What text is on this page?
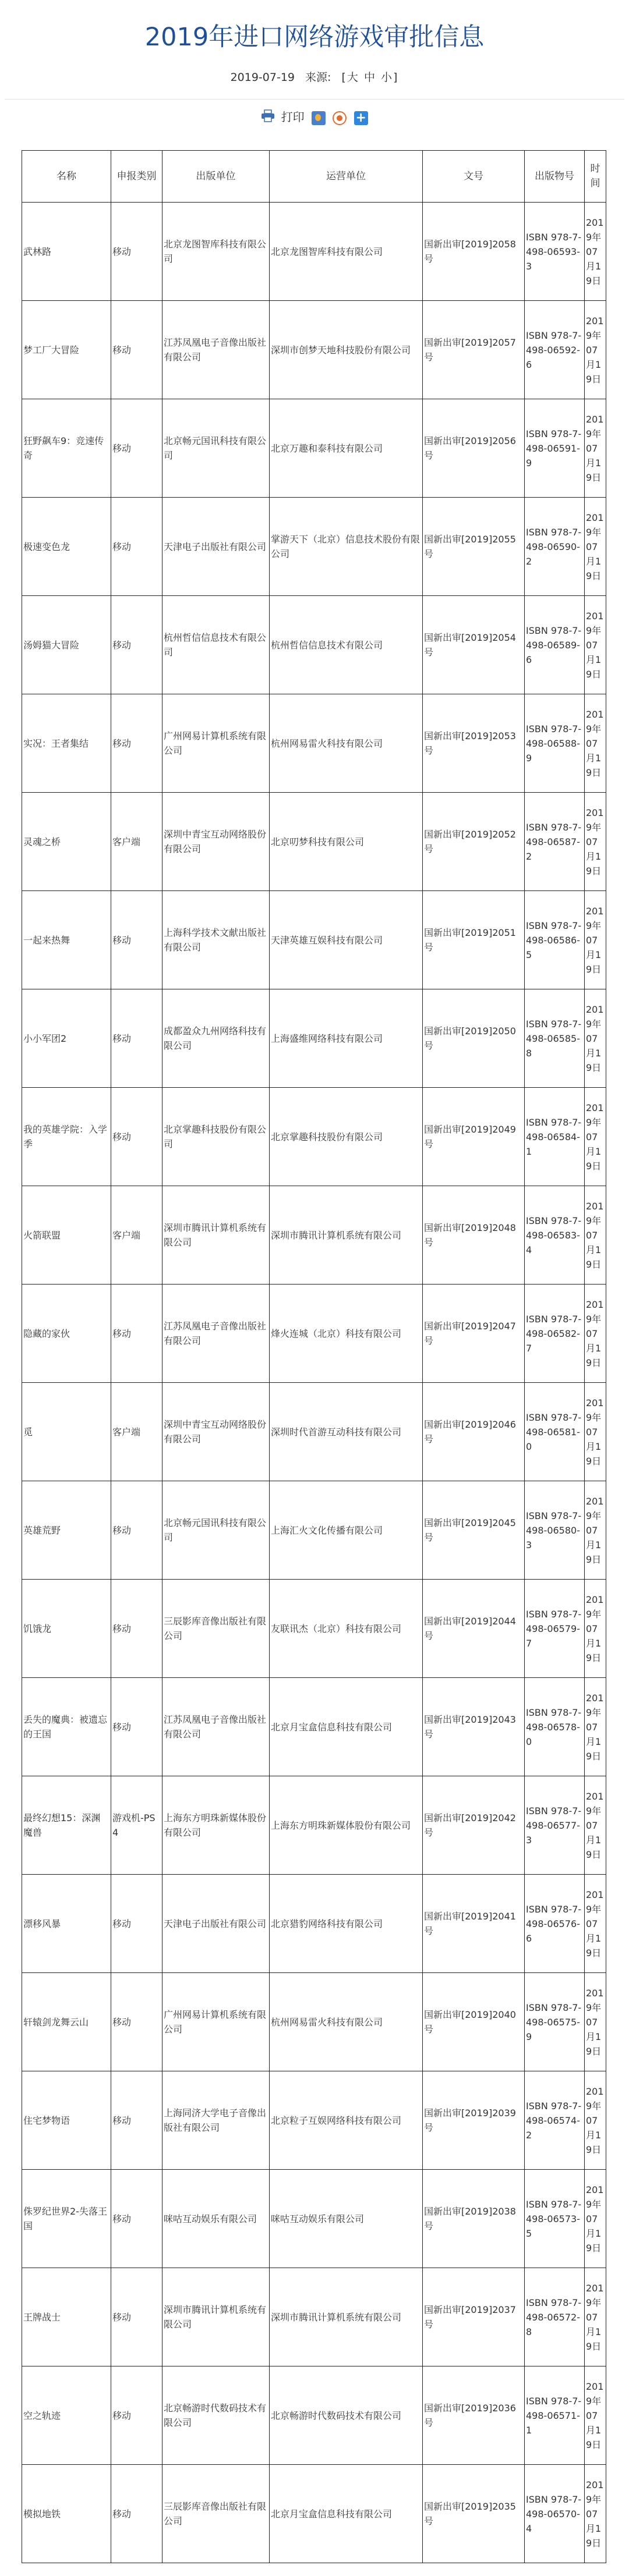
2019年进口网络游戏审批信息
2019-07-19 来源: [大 中 小]
打印	+
名称	申报类别	出版单位	运营单位	文号	出版物号	时间
武林路	移动	北京龙图智库科技有限公司	北京龙图智库科技有限公司	国新出审[2019]2058号	ISBN 978-7-498-06593-3	2019年07月19日
梦工厂大冒险	移动	江苏凤凰电子音像出版社有限公司	深圳市创梦天地科技股份有限公司	国新出审[2019]2057号	ISBN 978-7-498-06592-6	2019年07月19日
狂野飙车9：竞速传奇	移动	北京畅元国讯科技有限公司	北京万趣和泰科技有限公司	国新出审[2019]2056号	ISBN 978-7-498-06591-9	2019年07月19日
极速变色龙	移动	天津电子出版社有限公司	掌游天下（北京）信息技术股份有限公司	国新出审[2019]2055号	ISBN 978-7-498-06590-2	2019年07月19日
汤姆猫大冒险	移动	杭州哲信信息技术有限公司	杭州哲信信息技术有限公司	国新出审[2019]2054号	ISBN 978-7-498-06589-6	2019年07月19日
实况：王者集结	移动	广州网易计算机系统有限公司	杭州网易雷火科技有限公司	国新出审[2019]2053号	ISBN 978-7-498-06588-9	2019年07月19日
灵魂之桥	客户端	深圳中青宝互动网络股份有限公司	北京叨梦科技有限公司	国新出审[2019]2052号	ISBN 978-7-498-06587-2	2019年07月19日
一起来热舞	移动	上海科学技术文献出版社有限公司	天津英雄互娱科技有限公司	国新出审[2019]2051号	ISBN 978-7-498-06586-5	2019年07月19日
小小军团2	移动	成都盈众九州网络科技有限公司	上海盛维网络科技有限公司	国新出审[2019]2050号	ISBN 978-7-498-06585-8	2019年07月19日
我的英雄学院：入学季	移动	北京掌趣科技股份有限公司	北京掌趣科技股份有限公司	国新出审[2019]2049号	ISBN 978-7-498-06584-1	2019年07月19日
火箭联盟	客户端	深圳市腾讯计算机系统有限公司	深圳市腾讯计算机系统有限公司	国新出审[2019]2048号	ISBN 978-7-498-06583-4	2019年07月19日
隐藏的家伙	移动	江苏凤凰电子音像出版社有限公司	烽火连城（北京）科技有限公司	国新出审[2019]2047号	ISBN 978-7-498-06582-7	2019年07月19日
觅	客户端	深圳中青宝互动网络股份有限公司	深圳时代首游互动科技有限公司	国新出审[2019]2046号	ISBN 978-7-498-06581-0	2019年07月19日
英雄荒野	移动	北京畅元国讯科技有限公司	上海汇火文化传播有限公司	国新出审[2019]2045号	ISBN 978-7-498-06580-3	2019年07月19日
饥饿龙	移动	三辰影库音像出版社有限公司	友联讯杰（北京）科技有限公司	国新出审[2019]2044号	ISBN 978-7-498-06579-7	2019年07月19日
丢失的魔典：被遗忘的王国	移动	江苏凤凰电子音像出版社有限公司	北京月宝盒信息科技有限公司	国新出审[2019]2043号	ISBN 978-7-498-06578-0	2019年07月19日
最终幻想15：深渊魔兽	游戏机-PS4	上海东方明珠新媒体股份有限公司	上海东方明珠新媒体股份有限公司	国新出审[2019]2042号	ISBN 978-7-498-06577-3	2019年07月19日
漂移风暴	移动	天津电子出版社有限公司	北京猎豹网络科技有限公司	国新出审[2019]2041号	ISBN 978-7-498-06576-6	2019年07月19日
轩辕剑龙舞云山	移动	广州网易计算机系统有限公司	杭州网易雷火科技有限公司	国新出审[2019]2040号	ISBN 978-7-498-06575-9	2019年07月19日
住宅梦物语	移动	上海同济大学电子音像出版社有限公司	北京粒子互娱网络科技有限公司	国新出审[2019]2039号	ISBN 978-7-498-06574-2	2019年07月19日
侏罗纪世界2-失落王国	移动	咪咕互动娱乐有限公司	咪咕互动娱乐有限公司	国新出审[2019]2038号	ISBN 978-7-498-06573-5	2019年07月19日
王牌战士	移动	深圳市腾讯计算机系统有限公司	深圳市腾讯计算机系统有限公司	国新出审[2019]2037号	ISBN 978-7-498-06572-8	2019年07月19日
空之轨迹	移动	北京畅游时代数码技术有限公司	北京畅游时代数码技术有限公司	国新出审[2019]2036号	ISBN 978-7-498-06571-1	2019年07月19日
模拟地铁	移动	三辰影库音像出版社有限公司	北京月宝盒信息科技有限公司	国新出审[2019]2035号	ISBN 978-7-498-06570-4	2019年07月19日
